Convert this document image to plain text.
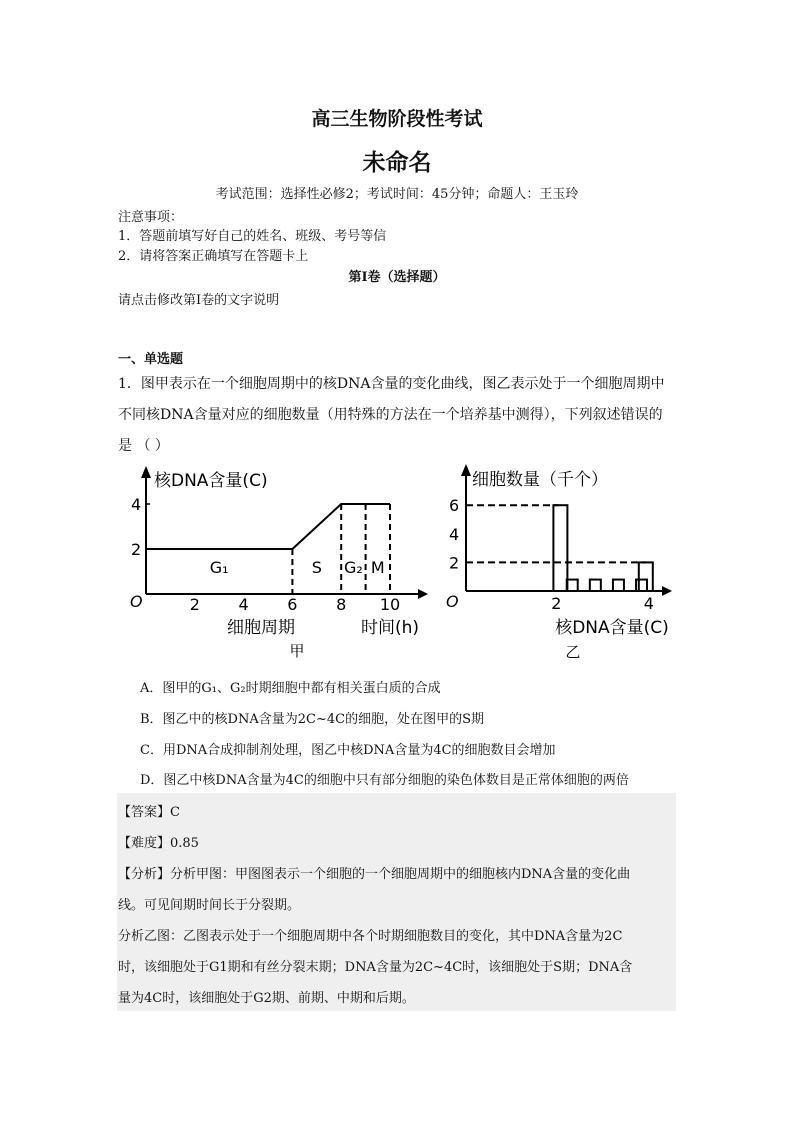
高三生物阶段性考试
未命名
考试范围：选择性必修2；考试时间：45分钟；命题人：王玉玲
注意事项：
1．答题前填写好自己的姓名、班级、考号等信
2．请将答案正确填写在答题卡上
第I卷（选择题）
请点击修改第I卷的文字说明
一、单选题
1．图甲表示在一个细胞周期中的核DNA含量的变化曲线，图乙表示处于一个细胞周期中
不同核DNA含量对应的细胞数量（用特殊的方法在一个培养基中测得），下列叙述错误的
是 （ ）
核DNA含量(C)
O
2
4
2 4 6 8 10
G₁	S G₂ M
细胞周期	时间(h)
甲
细胞数量（千个）
O
2
4
6
2	4
核DNA含量(C)
乙
A．图甲的G₁、G₂时期细胞中都有相关蛋白质的合成
B．图乙中的核DNA含量为2C~4C的细胞，处在图甲的S期
C．用DNA合成抑制剂处理，图乙中核DNA含量为4C的细胞数目会增加
D．图乙中核DNA含量为4C的细胞中只有部分细胞的染色体数目是正常体细胞的两倍
【答案】C
【难度】0.85
【分析】分析甲图：甲图图表示一个细胞的一个细胞周期中的细胞核内DNA含量的变化曲
线。可见间期时间长于分裂期。
分析乙图：乙图表示处于一个细胞周期中各个时期细胞数目的变化，其中DNA含量为2C
时，该细胞处于G1期和有丝分裂末期；DNA含量为2C~4C时，该细胞处于S期；DNA含
量为4C时，该细胞处于G2期、前期、中期和后期。
